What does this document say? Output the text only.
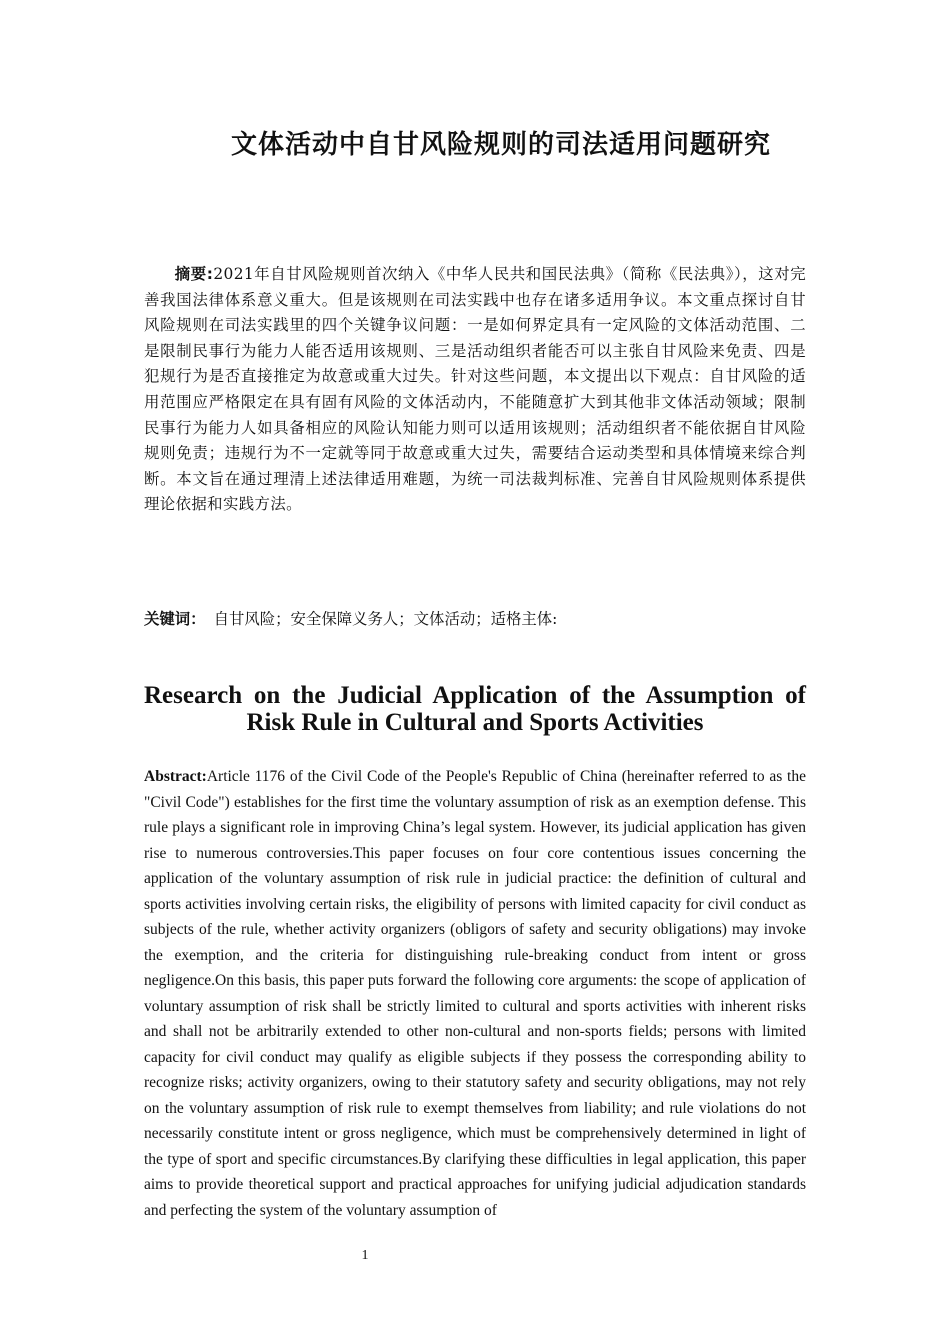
文体活动中自甘风险规则的司法适用问题研究

摘要:2021年自甘风险规则首次纳入《中华人民共和国民法典》（简称《民法典》），这对完善我国法律体系意义重大。但是该规则在司法实践中也存在诸多适用争议。本文重点探讨自甘风险规则在司法实践里的四个关键争议问题：一是如何界定具有一定风险的文体活动范围、二是限制民事行为能力人能否适用该规则、三是活动组织者能否可以主张自甘风险来免责、四是犯规行为是否直接推定为故意或重大过失。针对这些问题，本文提出以下观点：自甘风险的适用范围应严格限定在具有固有风险的文体活动内，不能随意扩大到其他非文体活动领域；限制民事行为能力人如具备相应的风险认知能力则可以适用该规则；活动组织者不能依据自甘风险规则免责；违规行为不一定就等同于故意或重大过失，需要结合运动类型和具体情境来综合判断。本文旨在通过理清上述法律适用难题，为统一司法裁判标准、完善自甘风险规则体系提供理论依据和实践方法。

关键词： 自甘风险；安全保障义务人；文体活动；适格主体:

Research on the Judicial Application of the Assumption of
Risk Rule in Cultural and Sports Activities

Abstract:Article 1176 of the Civil Code of the People's Republic of China (hereinafter referred to as the "Civil Code") establishes for the first time the voluntary assumption of risk as an exemption defense. This rule plays a significant role in improving China’s legal system. However, its judicial application has given rise to numerous controversies.This paper focuses on four core contentious issues concerning the application of the voluntary assumption of risk rule in judicial practice: the definition of cultural and sports activities involving certain risks, the eligibility of persons with limited capacity for civil conduct as subjects of the rule, whether activity organizers (obligors of safety and security obligations) may invoke the exemption, and the criteria for distinguishing rule-breaking conduct from intent or gross negligence.On this basis, this paper puts forward the following core arguments: the scope of application of voluntary assumption of risk shall be strictly limited to cultural and sports activities with inherent risks and shall not be arbitrarily extended to other non-cultural and non-sports fields; persons with limited capacity for civil conduct may qualify as eligible subjects if they possess the corresponding ability to recognize risks; activity organizers, owing to their statutory safety and security obligations, may not rely on the voluntary assumption of risk rule to exempt themselves from liability; and rule violations do not necessarily constitute intent or gross negligence, which must be comprehensively determined in light of the type of sport and specific circumstances.By clarifying these difficulties in legal application, this paper aims to provide theoretical support and practical approaches for unifying judicial adjudication standards and perfecting the system of the voluntary assumption of

1
